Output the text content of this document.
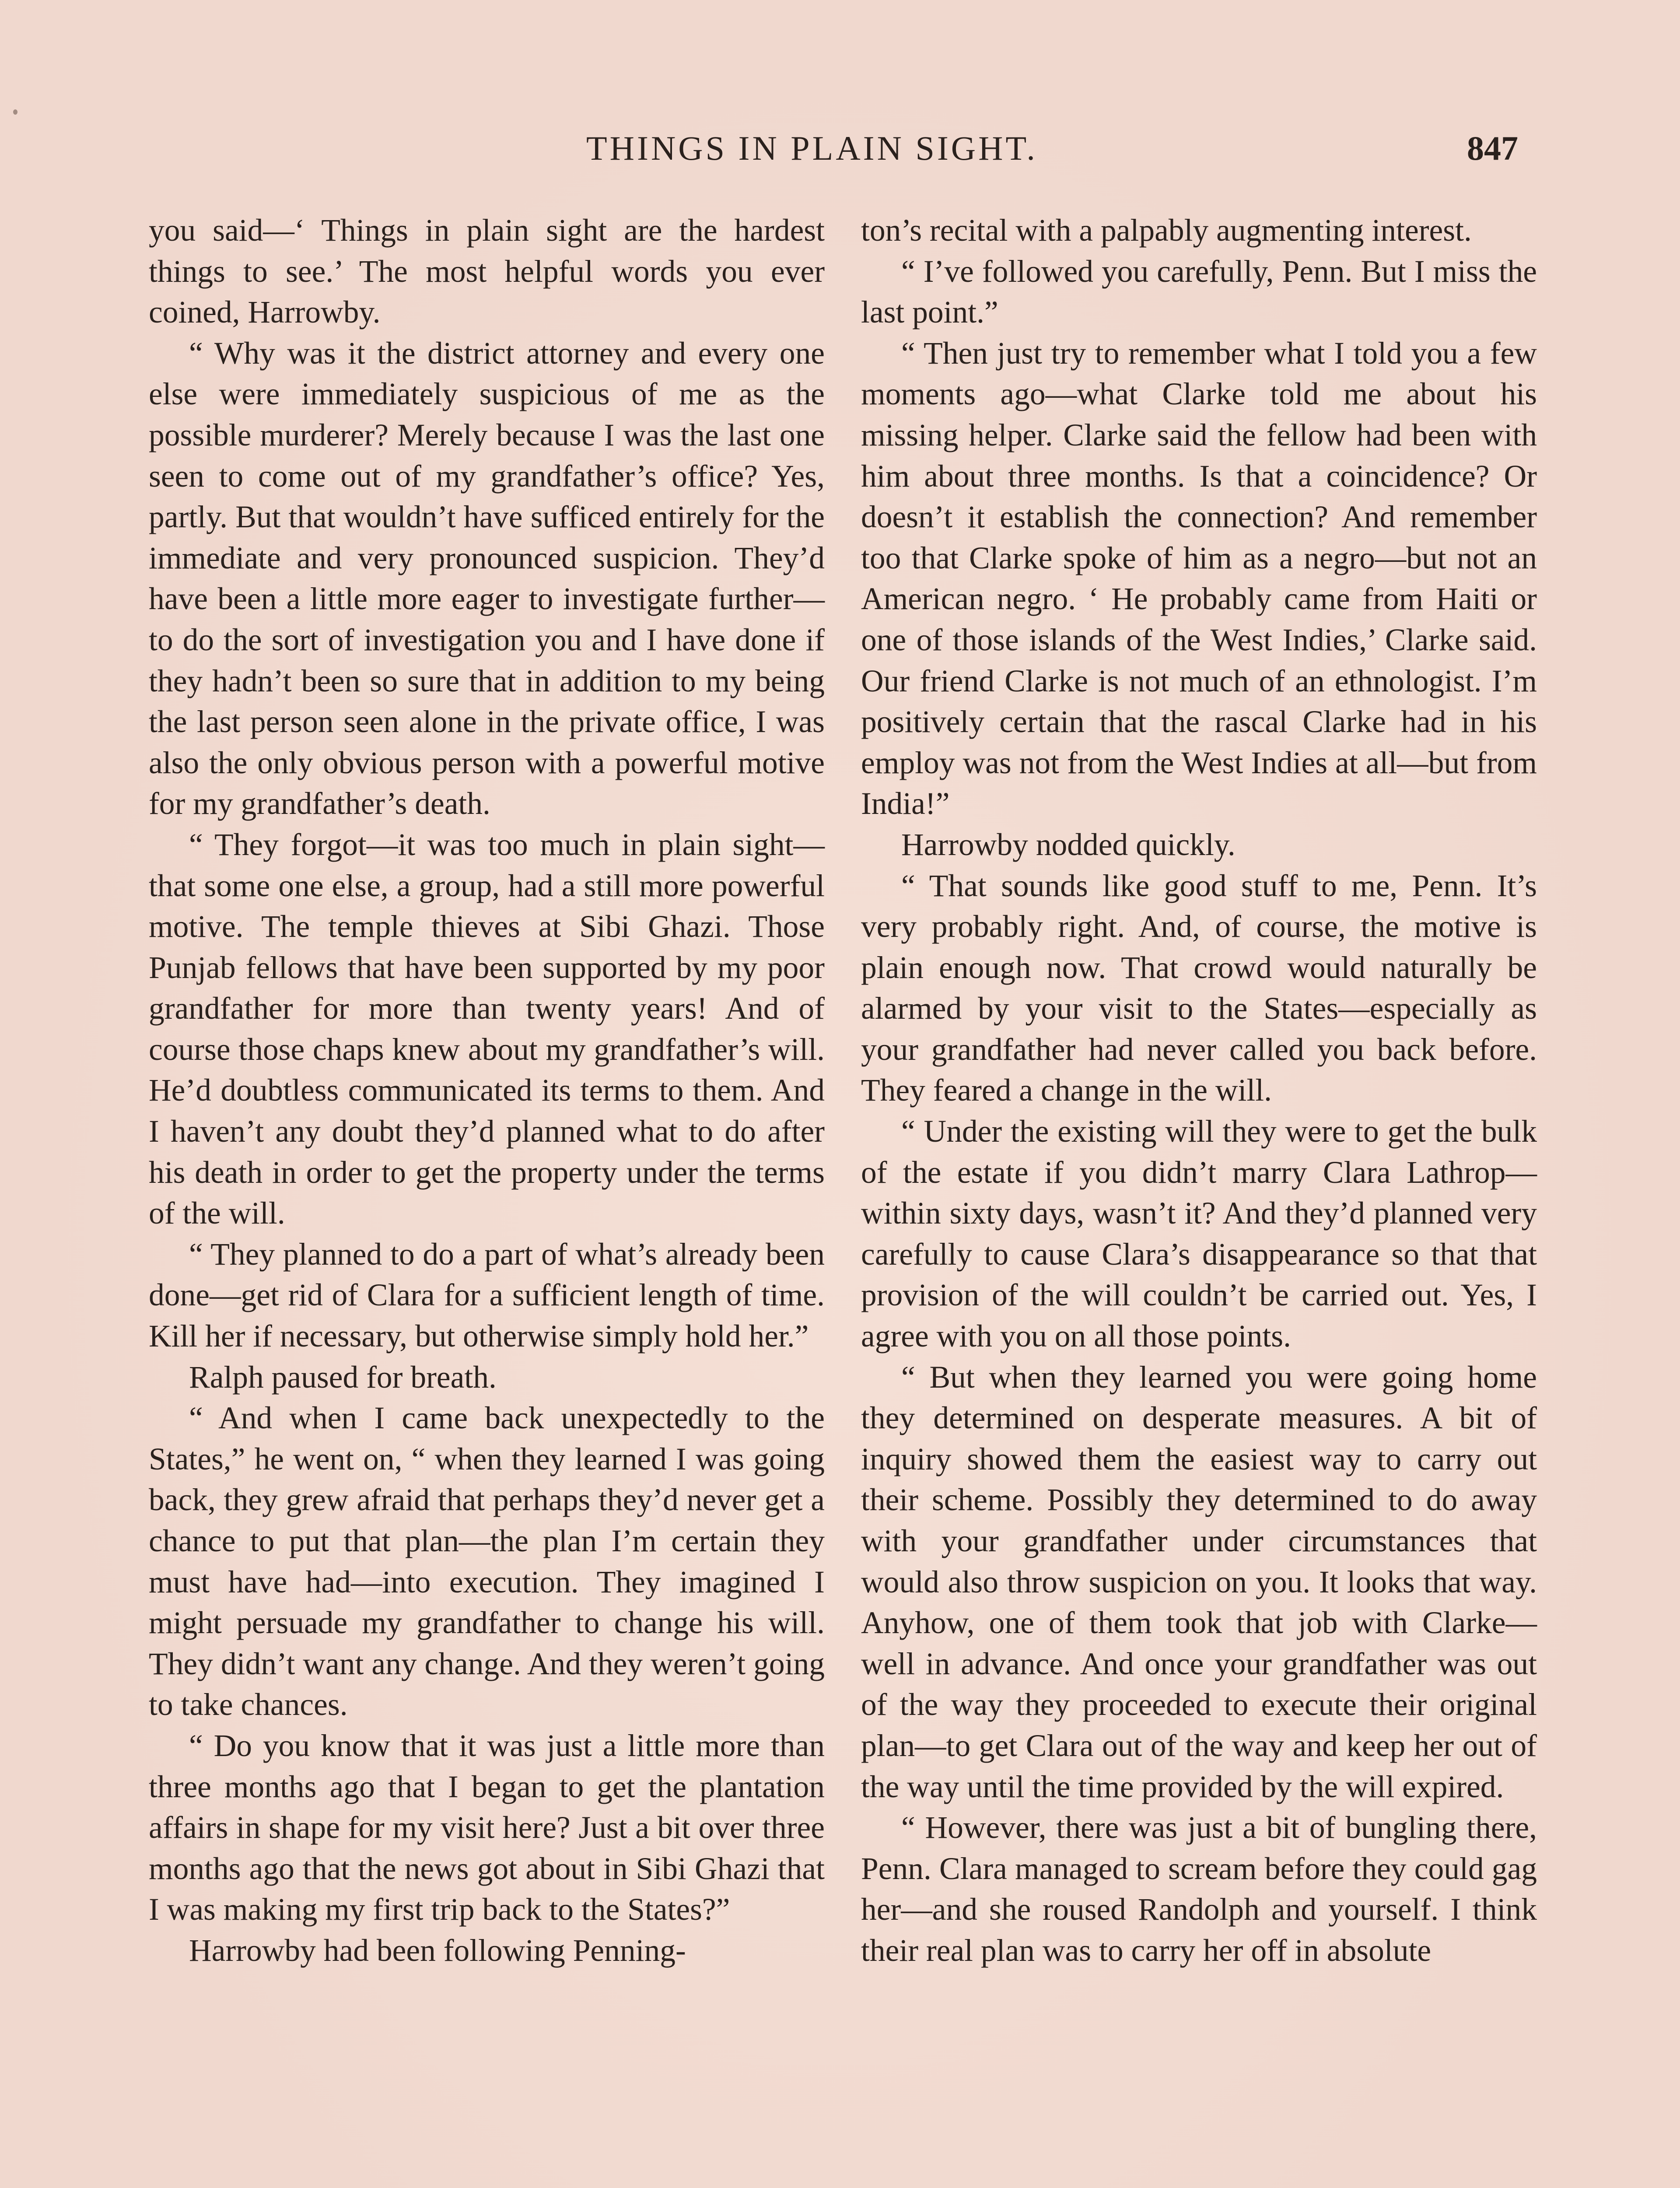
THINGS IN PLAIN SIGHT.	847

you said—‘ Things in plain sight are the hardest things to see.’ The most helpful words you ever coined, Harrowby.

“ Why was it the district attorney and every one else were immediately suspicious of me as the possible murderer? Merely because I was the last one seen to come out of my grandfather’s office? Yes, partly. But that wouldn’t have sufficed entirely for the immediate and very pronounced suspicion. They’d have been a little more eager to investigate further—to do the sort of investigation you and I have done if they hadn’t been so sure that in addition to my being the last person seen alone in the private office, I was also the only obvious person with a powerful motive for my grandfather’s death.

“ They forgot—it was too much in plain sight—that some one else, a group, had a still more powerful motive. The temple thieves at Sibi Ghazi. Those Punjab fellows that have been supported by my poor grandfather for more than twenty years! And of course those chaps knew about my grandfather’s will. He’d doubtless communicated its terms to them. And I haven’t any doubt they’d planned what to do after his death in order to get the property under the terms of the will.

“ They planned to do a part of what’s already been done—get rid of Clara for a sufficient length of time. Kill her if necessary, but otherwise simply hold her.”

Ralph paused for breath.

“ And when I came back unexpectedly to the States,” he went on, “ when they learned I was going back, they grew afraid that perhaps they’d never get a chance to put that plan—the plan I’m certain they must have had—into execution. They imagined I might persuade my grandfather to change his will. They didn’t want any change. And they weren’t going to take chances.

“ Do you know that it was just a little more than three months ago that I began to get the plantation affairs in shape for my visit here? Just a bit over three months ago that the news got about in Sibi Ghazi that I was making my first trip back to the States?”

Harrowby had been following Penning-

ton’s recital with a palpably augmenting interest.

“ I’ve followed you carefully, Penn. But I miss the last point.”

“ Then just try to remember what I told you a few moments ago—what Clarke told me about his missing helper. Clarke said the fellow had been with him about three months. Is that a coincidence? Or doesn’t it establish the connection? And remember too that Clarke spoke of him as a negro—but not an American negro. ‘ He probably came from Haiti or one of those islands of the West Indies,’ Clarke said. Our friend Clarke is not much of an ethnologist. I’m positively certain that the rascal Clarke had in his employ was not from the West Indies at all—but from India!”

Harrowby nodded quickly.

“ That sounds like good stuff to me, Penn. It’s very probably right. And, of course, the motive is plain enough now. That crowd would naturally be alarmed by your visit to the States—especially as your grandfather had never called you back before. They feared a change in the will.

“ Under the existing will they were to get the bulk of the estate if you didn’t marry Clara Lathrop—within sixty days, wasn’t it? And they’d planned very carefully to cause Clara’s disappearance so that that provision of the will couldn’t be carried out. Yes, I agree with you on all those points.

“ But when they learned you were going home they determined on desperate measures. A bit of inquiry showed them the easiest way to carry out their scheme. Possibly they determined to do away with your grandfather under circumstances that would also throw suspicion on you. It looks that way. Anyhow, one of them took that job with Clarke—well in advance. And once your grandfather was out of the way they proceeded to execute their original plan—to get Clara out of the way and keep her out of the way until the time provided by the will expired.

“ However, there was just a bit of bungling there, Penn. Clara managed to scream before they could gag her—and she roused Randolph and yourself. I think their real plan was to carry her off in absolute
